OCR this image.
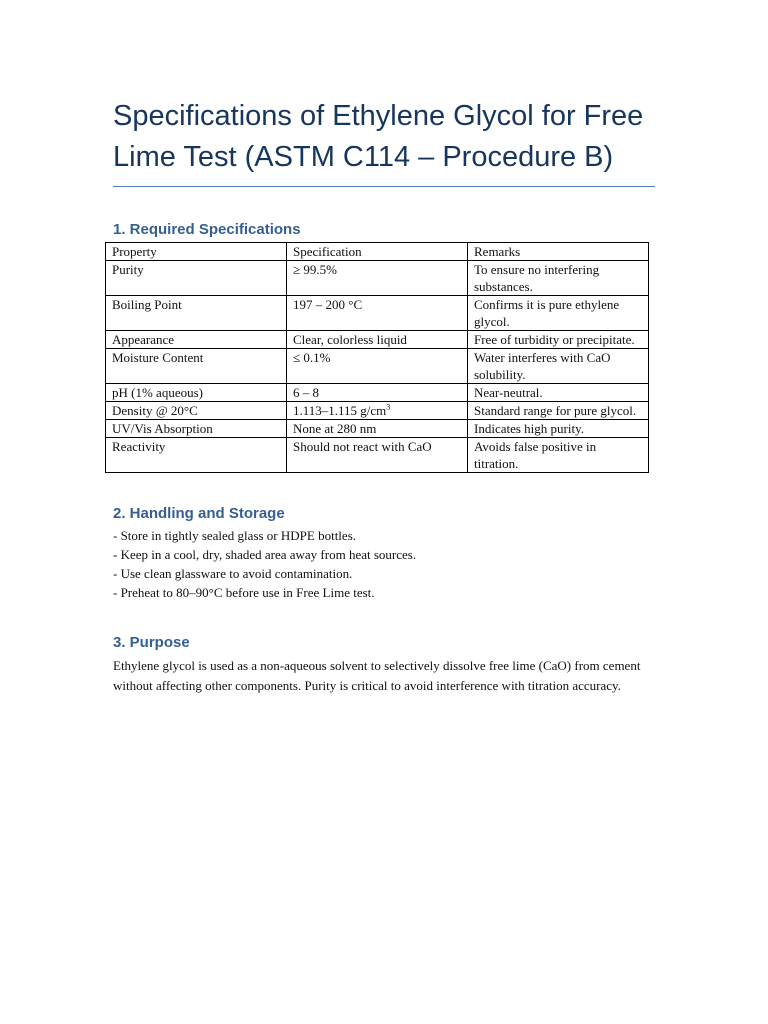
Specifications of Ethylene Glycol for Free Lime Test (ASTM C114 – Procedure B)
1. Required Specifications
Property	Specification	Remarks
Purity	≥ 99.5%	To ensure no interfering substances.
Boiling Point	197 – 200 °C	Confirms it is pure ethylene glycol.
Appearance	Clear, colorless liquid	Free of turbidity or precipitate.
Moisture Content	≤ 0.1%	Water interferes with CaO solubility.
pH (1% aqueous)	6 – 8	Near-neutral.
Density @ 20°C	1.113–1.115 $g/cm^3$	Standard range for pure glycol.
UV/Vis Absorption	None at 280 nm	Indicates high purity.
Reactivity	Should not react with CaO	Avoids false positive in titration.
2. Handling and Storage
- Store in tightly sealed glass or HDPE bottles.
- Keep in a cool, dry, shaded area away from heat sources.
- Use clean glassware to avoid contamination.
- Preheat to 80–90°C before use in Free Lime test.
3. Purpose

Ethylene glycol is used as a non-aqueous solvent to selectively dissolve free lime (CaO) from cement without affecting other components. Purity is critical to avoid interference with titration accuracy.
